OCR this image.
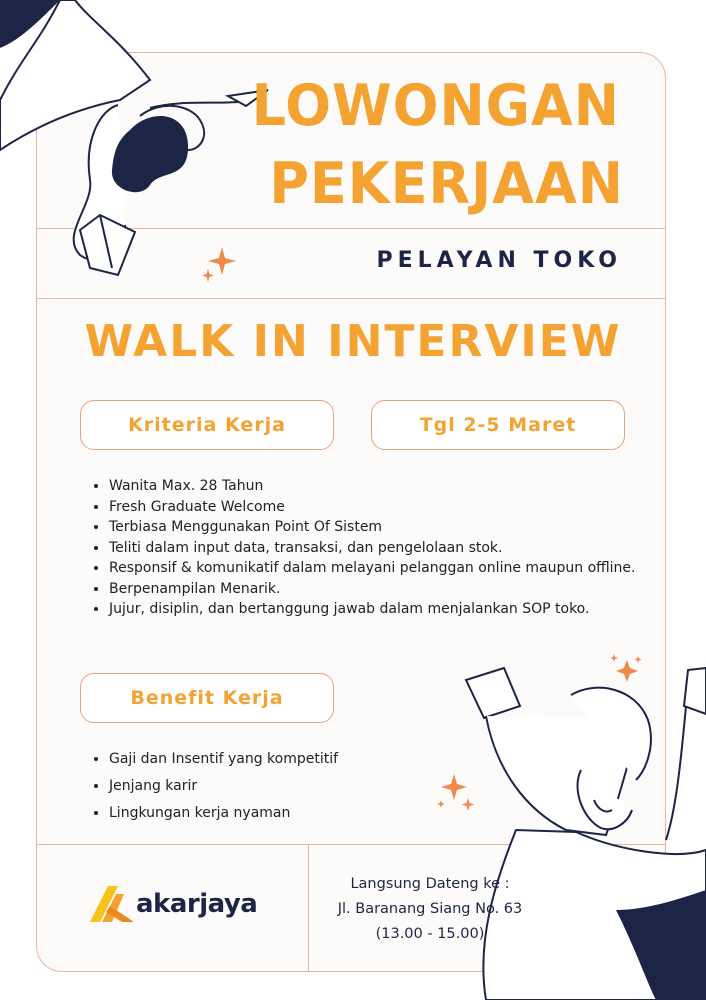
LOWONGAN
PEKERJAAN
PELAYAN TOKO
WALK IN INTERVIEW
Kriteria Kerja	Tgl 2-5 Maret
• Wanita Max. 28 Tahun
• Fresh Graduate Welcome
• Terbiasa Menggunakan Point Of Sistem
• Teliti dalam input data, transaksi, dan pengelolaan stok.
• Responsif & komunikatif dalam melayani pelanggan online maupun offline.
• Berpenampilan Menarik.
• Jujur, disiplin, dan bertanggung jawab dalam menjalankan SOP toko.
Benefit Kerja
• Gaji dan Insentif yang kompetitif
• Jenjang karir
• Lingkungan kerja nyaman
akarjaya
Langsung Dateng ke :
Jl. Baranang Siang No. 63
(13.00 - 15.00)
